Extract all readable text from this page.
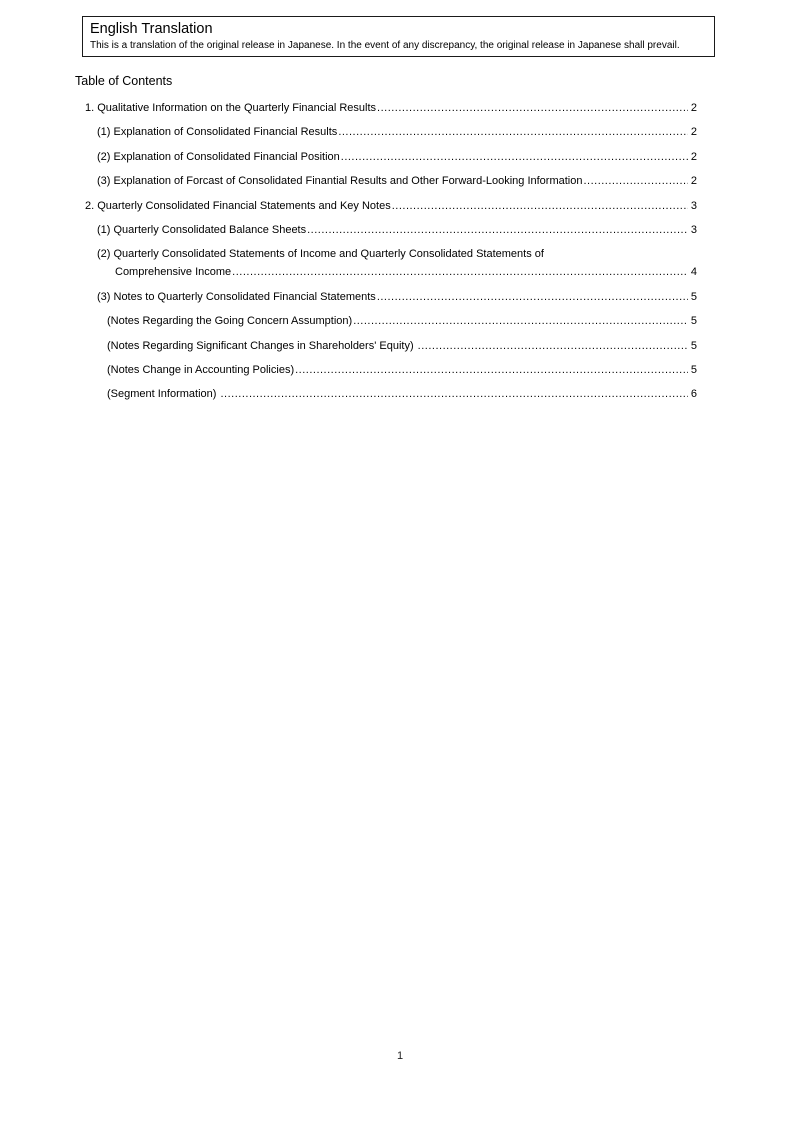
English Translation
This is a translation of the original release in Japanese. In the event of any discrepancy, the original release in Japanese shall prevail.
Table of Contents
1. Qualitative Information on the Quarterly Financial Results .....	2
(1) Explanation of Consolidated Financial Results .....	2
(2) Explanation of Consolidated Financial Position .....	2
(3) Explanation of Forcast of Consolidated Finantial Results and Other Forward-Looking Information .....	2
2. Quarterly Consolidated Financial Statements and Key Notes .....	3
(1) Quarterly Consolidated Balance Sheets .....	3
(2) Quarterly Consolidated Statements of Income and Quarterly Consolidated Statements of
Comprehensive Income .....	4
(3) Notes to Quarterly Consolidated Financial Statements .....	5
(Notes Regarding the Going Concern Assumption) .....	5
(Notes Regarding Significant Changes in Shareholders' Equity) .....	5
(Notes Change in Accounting Policies) .....	5
(Segment Information) .....	6
1
